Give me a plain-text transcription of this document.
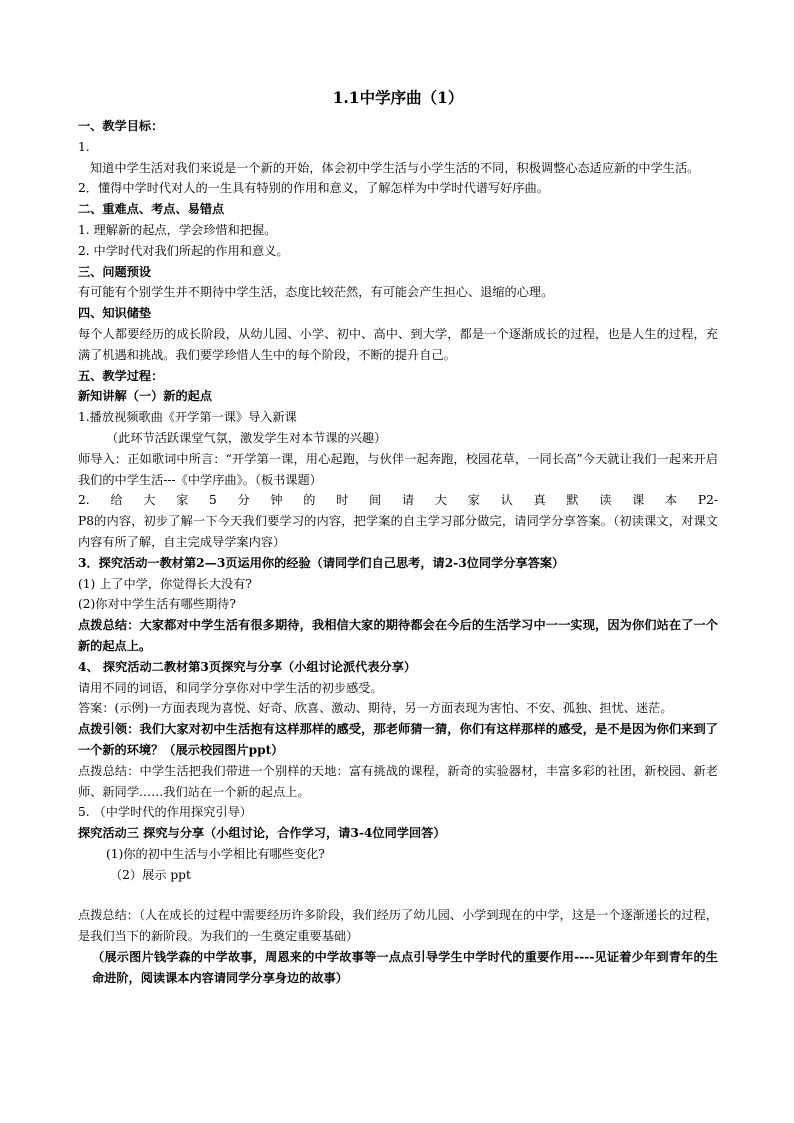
1.1中学序曲（1）
一、教学目标：
1.
知道中学生活对我们来说是一个新的开始，体会初中学生活与小学生活的不同，积极调整心态适应新的中学生活。
2．懂得中学时代对人的一生具有特别的作用和意义，了解怎样为中学时代谱写好序曲。
二、重难点、考点、易错点
1. 理解新的起点，学会珍惜和把握。
2. 中学时代对我们所起的作用和意义。
三、问题预设
有可能有个别学生并不期待中学生活，态度比较茫然，有可能会产生担心、退缩的心理。
四、知识储垫
每个人都要经历的成长阶段，从幼儿园、小学、初中、高中、到大学，都是一个逐渐成长的过程，也是人生的过程，充满了机遇和挑战。我们要学珍惜人生中的每个阶段，不断的提升自己。
五、教学过程：
新知讲解（一）新的起点
1.播放视频歌曲《开学第一课》导入新课
（此环节活跃课堂气氛，激发学生对本节课的兴趣）
师导入：正如歌词中所言：“开学第一课，用心起跑，与伙伴一起奔跑，校园花草，一同长高”今天就让我们一起来开启我们的中学生活---《中学序曲》。（板书课题）
2.　给　大　家　5　分　钟　的　时　间　请　大　家　认　真　默　读　课　本　P2-
P8的内容，初步了解一下今天我们要学习的内容，把学案的自主学习部分做完，请同学分享答案。（初读课文，对课文内容有所了解，自主完成导学案内容）
3．探究活动一教材第2—3页运用你的经验（请同学们自己思考，请2-3位同学分享答案）
(1) 上了中学，你觉得长大没有?
(2)你对中学生活有哪些期待?
点拨总结：大家都对中学生活有很多期待，我相信大家的期待都会在今后的生活学习中一一实现，因为你们站在了一个新的起点上。
4、 探究活动二教材第3页探究与分享（小组讨论派代表分享）
请用不同的词语，和同学分享你对中学生活的初步感受。
答案：(示例)一方面表现为喜悦、好奇、欣喜、激动、期待，另一方面表现为害怕、不安、孤独、担忧、迷茫。
点拨引领：我们大家对初中生活抱有这样那样的感受，那老师猜一猜，你们有这样那样的感受，是不是因为你们来到了一个新的环境？（展示校园图片ppt）
点拨总结：中学生活把我们带进一个别样的天地：富有挑战的课程，新奇的实验器材，丰富多彩的社团，新校园、新老师、新同学……我们站在一个新的起点上。
5. （中学时代的作用探究引导）
探究活动三 探究与分享（小组讨论，合作学习，请3-4位同学回答）
(1)你的初中生活与小学相比有哪些变化?
（2）展示 ppt
点拨总结：（人在成长的过程中需要经历许多阶段，我们经历了幼儿园、小学到现在的中学，这是一个逐渐递长的过程，是我们当下的新阶段。为我们的一生奠定重要基础）
（展示图片钱学森的中学故事，周恩来的中学故事等一点点引导学生中学时代的重要作用----见证着少年到青年的生命进阶，阅读课本内容请同学分享身边的故事）
